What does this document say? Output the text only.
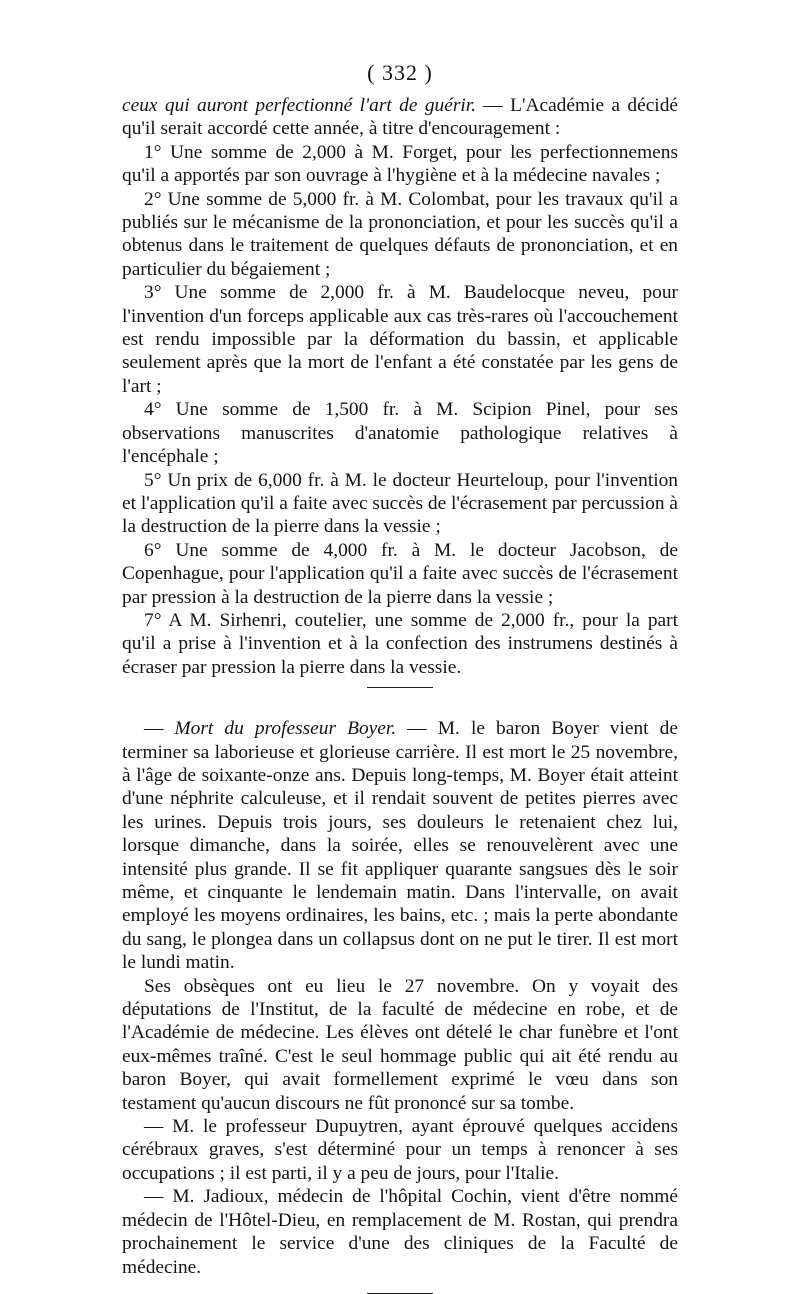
( 332 )

ceux qui auront perfectionné l'art de guérir. — L'Académie a décidé qu'il serait accordé cette année, à titre d'encouragement :

1° Une somme de 2,000 à M. Forget, pour les perfectionnemens qu'il a apportés par son ouvrage à l'hygiène et à la médecine navales ;

2° Une somme de 5,000 fr. à M. Colombat, pour les travaux qu'il a publiés sur le mécanisme de la prononciation, et pour les succès qu'il a obtenus dans le traitement de quelques défauts de prononciation, et en particulier du bégaiement ;

3° Une somme de 2,000 fr. à M. Baudelocque neveu, pour l'invention d'un forceps applicable aux cas très-rares où l'accouchement est rendu impossible par la déformation du bassin, et applicable seulement après que la mort de l'enfant a été constatée par les gens de l'art ;

4° Une somme de 1,500 fr. à M. Scipion Pinel, pour ses observations manuscrites d'anatomie pathologique relatives à l'encéphale ;

5° Un prix de 6,000 fr. à M. le docteur Heurteloup, pour l'invention et l'application qu'il a faite avec succès de l'écrasement par percussion à la destruction de la pierre dans la vessie ;

6° Une somme de 4,000 fr. à M. le docteur Jacobson, de Copenhague, pour l'application qu'il a faite avec succès de l'écrasement par pression à la destruction de la pierre dans la vessie ;

7° A M. Sirhenri, coutelier, une somme de 2,000 fr., pour la part qu'il a prise à l'invention et à la confection des instrumens destinés à écraser par pression la pierre dans la vessie.

— Mort du professeur Boyer. — M. le baron Boyer vient de terminer sa laborieuse et glorieuse carrière. Il est mort le 25 novembre, à l'âge de soixante-onze ans. Depuis long-temps, M. Boyer était atteint d'une néphrite calculeuse, et il rendait souvent de petites pierres avec les urines. Depuis trois jours, ses douleurs le retenaient chez lui, lorsque dimanche, dans la soirée, elles se renouvelèrent avec une intensité plus grande. Il se fit appliquer quarante sangsues dès le soir même, et cinquante le lendemain matin. Dans l'intervalle, on avait employé les moyens ordinaires, les bains, etc. ; mais la perte abondante du sang, le plongea dans un collapsus dont on ne put le tirer. Il est mort le lundi matin.

Ses obsèques ont eu lieu le 27 novembre. On y voyait des députations de l'Institut, de la faculté de médecine en robe, et de l'Académie de médecine. Les élèves ont dételé le char funèbre et l'ont eux-mêmes traîné. C'est le seul hommage public qui ait été rendu au baron Boyer, qui avait formellement exprimé le vœu dans son testament qu'aucun discours ne fût prononcé sur sa tombe.

— M. le professeur Dupuytren, ayant éprouvé quelques accidens cérébraux graves, s'est déterminé pour un temps à renoncer à ses occupations ; il est parti, il y a peu de jours, pour l'Italie.

— M. Jadioux, médecin de l'hôpital Cochin, vient d'être nommé médecin de l'Hôtel-Dieu, en remplacement de M. Rostan, qui prendra prochainement le service d'une des cliniques de la Faculté de médecine.
